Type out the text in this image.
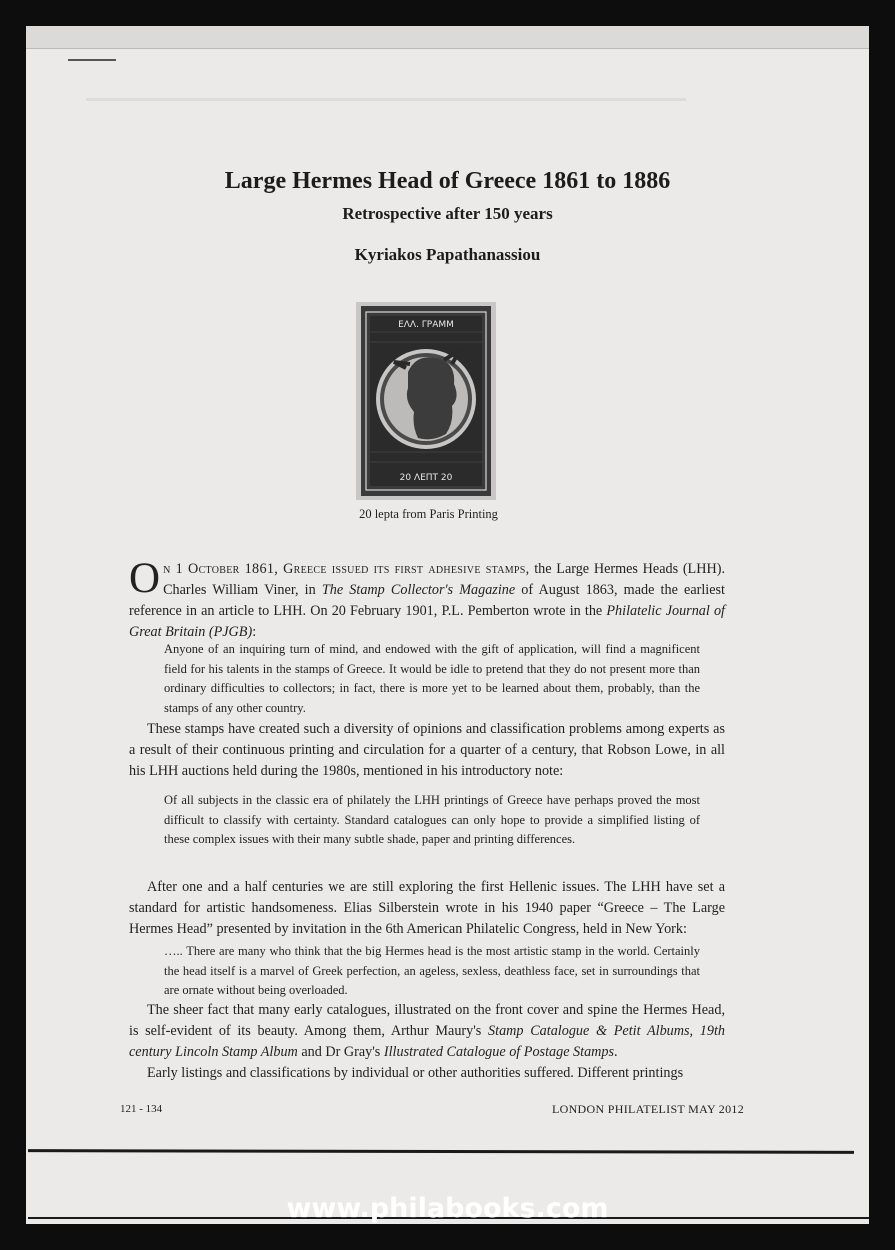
Large Hermes Head of Greece 1861 to 1886
Retrospective after 150 years
Kyriakos Papathanassiou
ΕΛΛ. ΓΡΑΜΜ
20 ΛΕΠΤ 20
20 lepta from Paris Printing

On 1 October 1861, Greece issued its first adhesive stamps, the Large Hermes Heads (LHH). Charles William Viner, in The Stamp Collector's Magazine of August 1863, made the earliest reference in an article to LHH. On 20 February 1901, P.L. Pemberton wrote in the Philatelic Journal of Great Britain (PJGB):

Anyone of an inquiring turn of mind, and endowed with the gift of application, will find a magnificent field for his talents in the stamps of Greece. It would be idle to pretend that they do not present more than ordinary difficulties to collectors; in fact, there is more yet to be learned about them, probably, than the stamps of any other country.
These stamps have created such a diversity of opinions and classification problems among experts as a result of their continuous printing and circulation for a quarter of a century, that Robson Lowe, in all his LHH auctions held during the 1980s, mentioned in his introductory note:
Of all subjects in the classic era of philately the LHH printings of Greece have perhaps proved the most difficult to classify with certainty. Standard catalogues can only hope to provide a simplified listing of these complex issues with their many subtle shade, paper and printing differences.
After one and a half centuries we are still exploring the first Hellenic issues. The LHH have set a standard for artistic handsomeness. Elias Silberstein wrote in his 1940 paper “Greece – The Large Hermes Head” presented by invitation in the 6th American Philatelic Congress, held in New York:
….. There are many who think that the big Hermes head is the most artistic stamp in the world. Certainly the head itself is a marvel of Greek perfection, an ageless, sexless, deathless face, set in surroundings that are ornate without being overloaded.
The sheer fact that many early catalogues, illustrated on the front cover and spine the Hermes Head, is self-evident of its beauty. Among them, Arthur Maury's Stamp Catalogue & Petit Albums, 19th century Lincoln Stamp Album and Dr Gray's Illustrated Catalogue of Postage Stamps.
Early listings and classifications by individual or other authorities suffered. Different printings
121 - 134	LONDON PHILATELIST MAY 2012
www.philabooks.com
